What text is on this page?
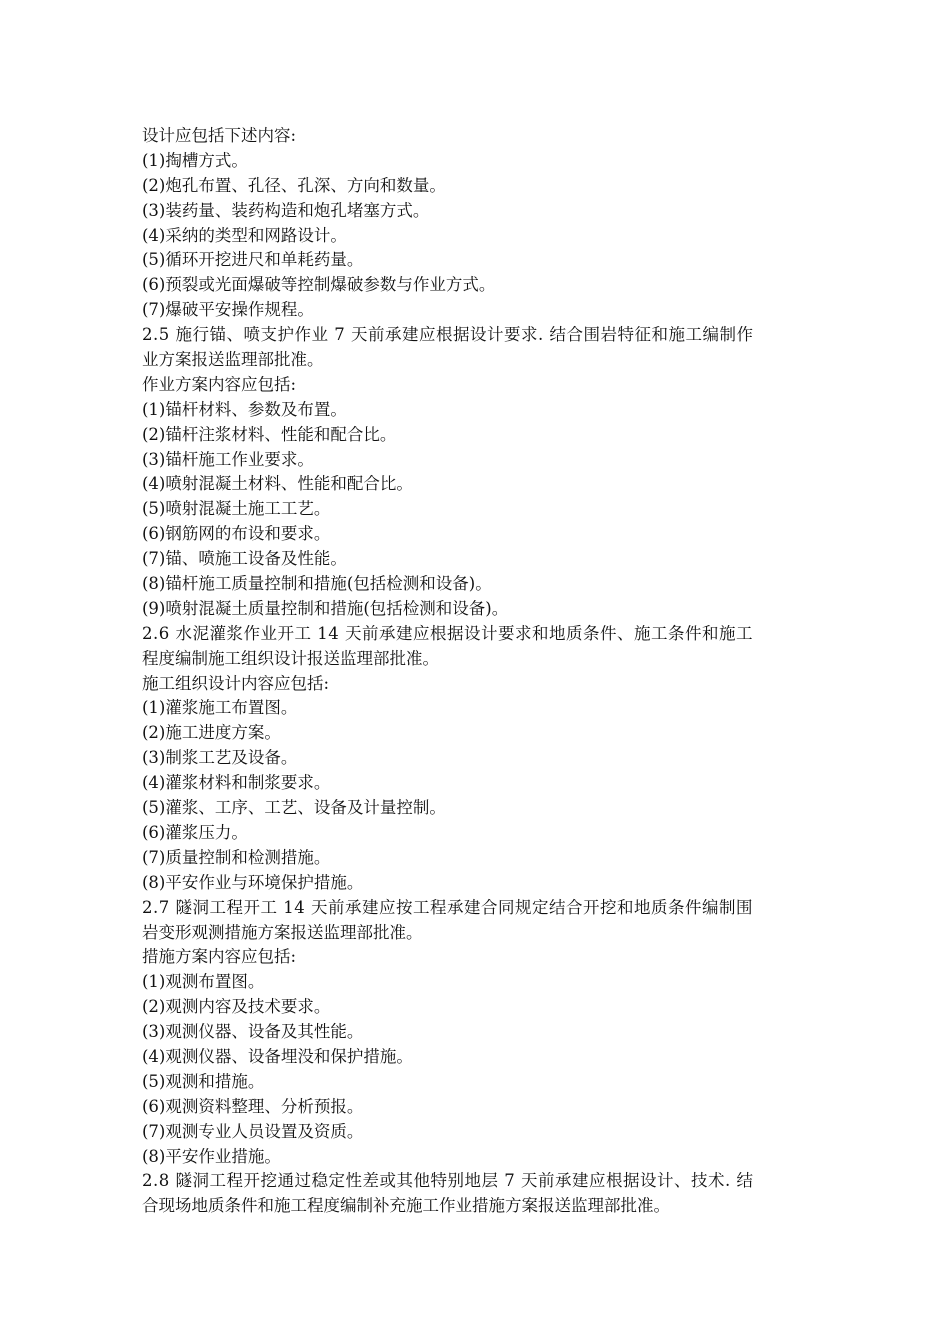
设计应包括下述内容:

(1)掏槽方式。

(2)炮孔布置、孔径、孔深、方向和数量。

(3)装药量、装药构造和炮孔堵塞方式。

(4)采纳的类型和网路设计。

(5)循环开挖进尺和单耗药量。

(6)预裂或光面爆破等控制爆破参数与作业方式。

(7)爆破平安操作规程。

2.5 施行锚、喷支护作业 7 天前承建应根据设计要求. 结合围岩特征和施工编制作

业方案报送监理部批准。

作业方案内容应包括:

(1)锚杆材料、参数及布置。

(2)锚杆注浆材料、性能和配合比。

(3)锚杆施工作业要求。

(4)喷射混凝土材料、性能和配合比。

(5)喷射混凝土施工工艺。

(6)钢筋网的布设和要求。

(7)锚、喷施工设备及性能。

(8)锚杆施工质量控制和措施(包括检测和设备)。

(9)喷射混凝土质量控制和措施(包括检测和设备)。

2.6 水泥灌浆作业开工 14 天前承建应根据设计要求和地质条件、施工条件和施工

程度编制施工组织设计报送监理部批准。

施工组织设计内容应包括:

(1)灌浆施工布置图。

(2)施工进度方案。

(3)制浆工艺及设备。

(4)灌浆材料和制浆要求。

(5)灌浆、工序、工艺、设备及计量控制。

(6)灌浆压力。

(7)质量控制和检测措施。

(8)平安作业与环境保护措施。

2.7 隧洞工程开工 14 天前承建应按工程承建合同规定结合开挖和地质条件编制围

岩变形观测措施方案报送监理部批准。

措施方案内容应包括:

(1)观测布置图。

(2)观测内容及技术要求。

(3)观测仪器、设备及其性能。

(4)观测仪器、设备埋没和保护措施。

(5)观测和措施。

(6)观测资料整理、分析预报。

(7)观测专业人员设置及资质。

(8)平安作业措施。

2.8 隧洞工程开挖通过稳定性差或其他特别地层 7 天前承建应根据设计、技术. 结

合现场地质条件和施工程度编制补充施工作业措施方案报送监理部批准。
